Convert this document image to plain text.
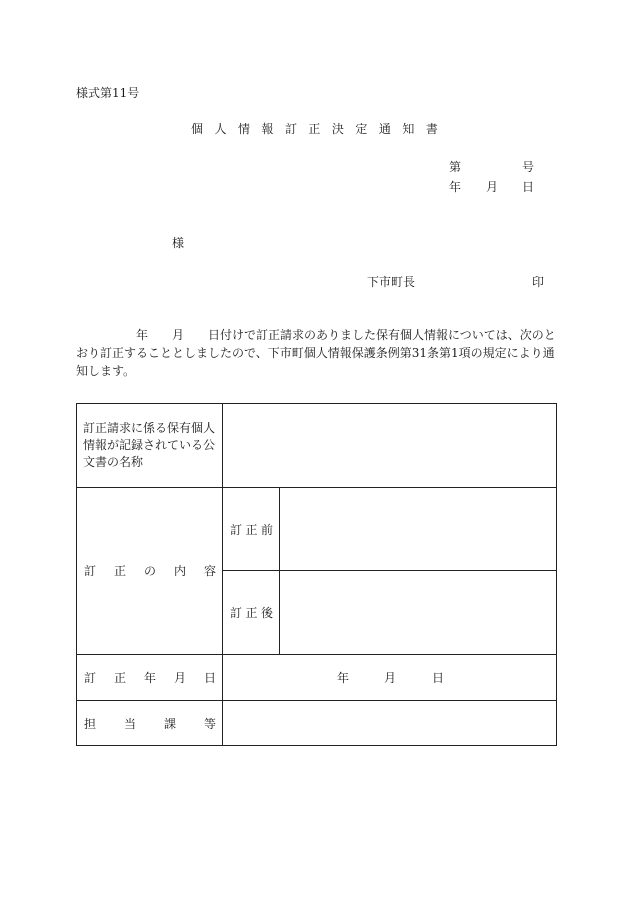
様式第11号
個 人 情 報 訂 正 決 定 通 知 書
第	号
年 月 日
様
下市町長	印
年 月 日付けで訂正請求のありました保有個人情報については、次のとおり訂正することとしましたので、下市町個人情報保護条例第31条第1項の規定により通知します。
訂正請求に係る保有個人情報が記録されている公文書の名称
訂 正 の 内 容
訂 正 前
訂 正 後
訂 正 年 月 日	年	月	日
担 当 課 等
